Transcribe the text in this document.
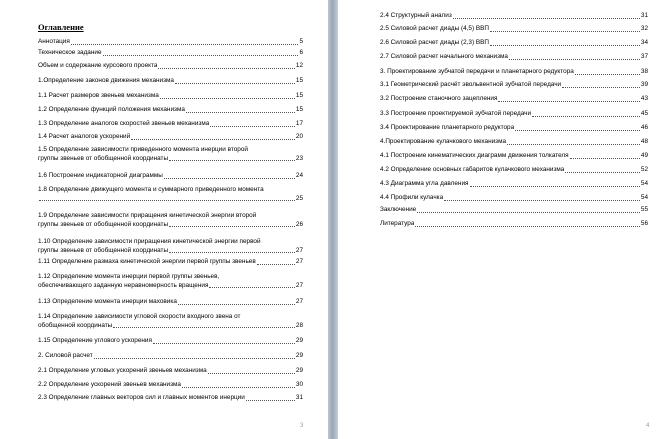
Оглавление
Аннотация	5
Техническое задание	6
Объем и содержание курсового проекта	12
1.Определение законов движения механизма	15
1.1 Расчет размеров звеньев механизма	15
1.2 Определение функций положения механизма	15
1.3 Определение аналогов скоростей звеньев механизма	17
1.4 Расчет аналогов ускорений	20
1.5 Определение зависимости приведенного момента инерции второй
группы звеньев от обобщенной координаты	23
1.6 Построение индикаторной диаграммы	24
1.8 Определение движущего момента и суммарного приведенного момента
25
1.9 Определение зависимости приращения кинетической энергии второй
группы звеньев от обобщенной координаты	26
1.10 Определение зависимости приращения кинетической энергии первой
группы звеньев от обобщенной координаты	27
1.11 Определение размаха кинетической энергии первой группы звеньев	27
1.12 Определение момента инерции первой группы звеньев,
обеспечивающего заданную неравномерность вращения	27
1.13 Определение момента инерции маховика	27
1.14 Определение зависимости угловой скорости входного звена от
обобщенной координаты	28
1.15 Определение углового ускорения	29
2. Силовой расчет	29
2.1 Определение угловых ускорений звеньев механизма	29
2.2 Определение ускорений звеньев механизма	30
2.3 Определение главных векторов сил и главных моментов инерции	31
3
2.4 Структурный анализ	31
2.5 Силовой расчет диады (4,5) ВВП	32
2.6 Силовой расчет диады (2,3) ВВП	34
2.7 Силовой расчет начального механизма	37
3. Проектирование зубчатой передачи и планетарного редуктора	38
3.1 Геометрический расчёт эвольвентной зубчатой передачи	39
3.2 Построение станочного зацепления	43
3.3 Построение проектируемой зубчатой передачи	45
3.4 Проектирование планетарного редуктора	46
4.Проектирование кулачкового механизма	48
4.1 Построение кинематических диаграмм движения толкателя	49
4.2 Определение основных габаритов кулачкового механизма	52
4.3 Диаграмма угла давления	54
4.4 Профили кулачка	54
Заключение	55
Литература	56
4
